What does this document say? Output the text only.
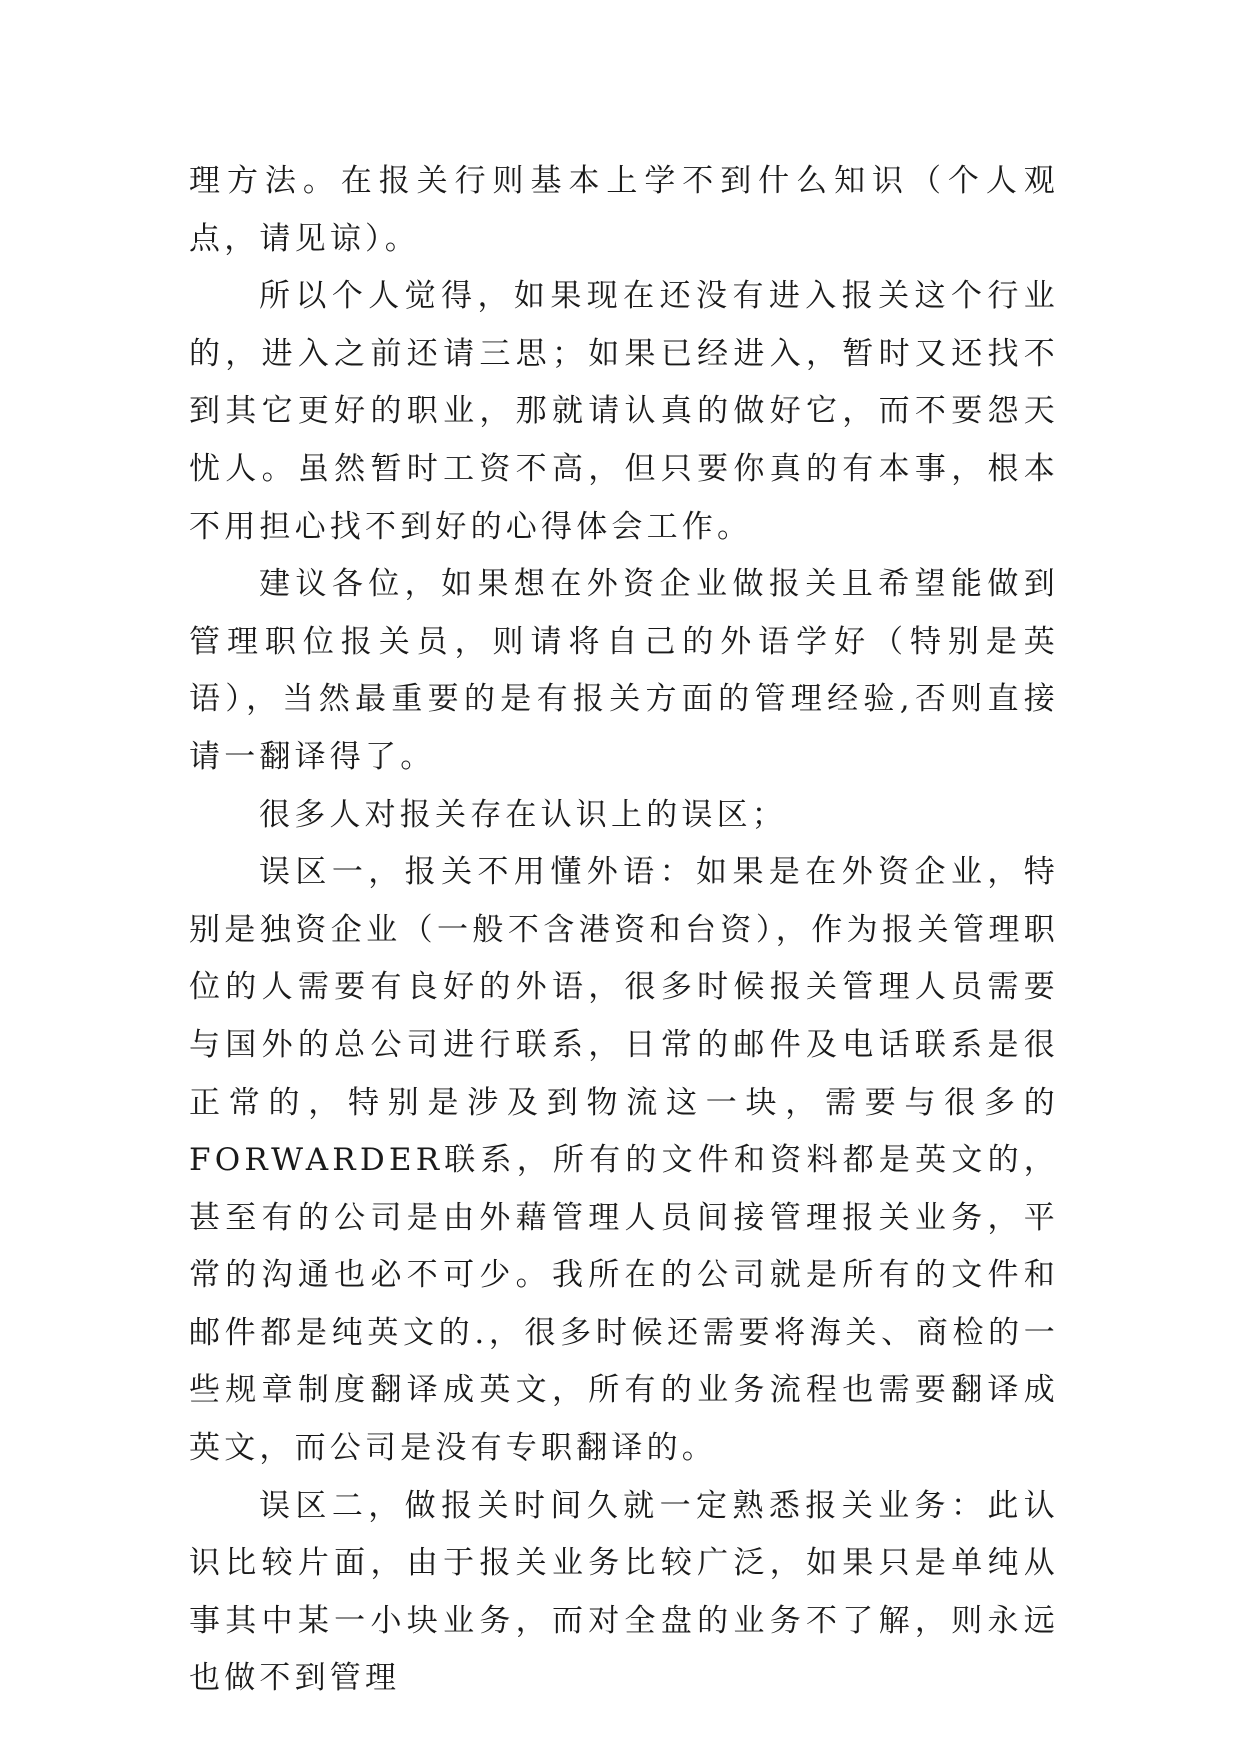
理方法。在报关行则基本上学不到什么知识（个人观点，请见谅）。

所以个人觉得，如果现在还没有进入报关这个行业的，进入之前还请三思；如果已经进入，暂时又还找不到其它更好的职业，那就请认真的做好它，而不要怨天忧人。虽然暂时工资不高，但只要你真的有本事，根本不用担心找不到好的心得体会工作。

建议各位，如果想在外资企业做报关且希望能做到管理职位报关员，则请将自己的外语学好（特别是英语），当然最重要的是有报关方面的管理经验,否则直接请一翻译得了。

很多人对报关存在认识上的误区；

误区一，报关不用懂外语：如果是在外资企业，特别是独资企业（一般不含港资和台资），作为报关管理职位的人需要有良好的外语，很多时候报关管理人员需要与国外的总公司进行联系，日常的邮件及电话联系是很正常的，特别是涉及到物流这一块，需要与很多的FORWARDER联系，所有的文件和资料都是英文的，甚至有的公司是由外藉管理人员间接管理报关业务，平常的沟通也必不可少。我所在的公司就是所有的文件和邮件都是纯英文的.，很多时候还需要将海关、商检的一些规章制度翻译成英文，所有的业务流程也需要翻译成英文，而公司是没有专职翻译的。

误区二，做报关时间久就一定熟悉报关业务：此认识比较片面，由于报关业务比较广泛，如果只是单纯从事其中某一小块业务，而对全盘的业务不了解，则永远也做不到管理
